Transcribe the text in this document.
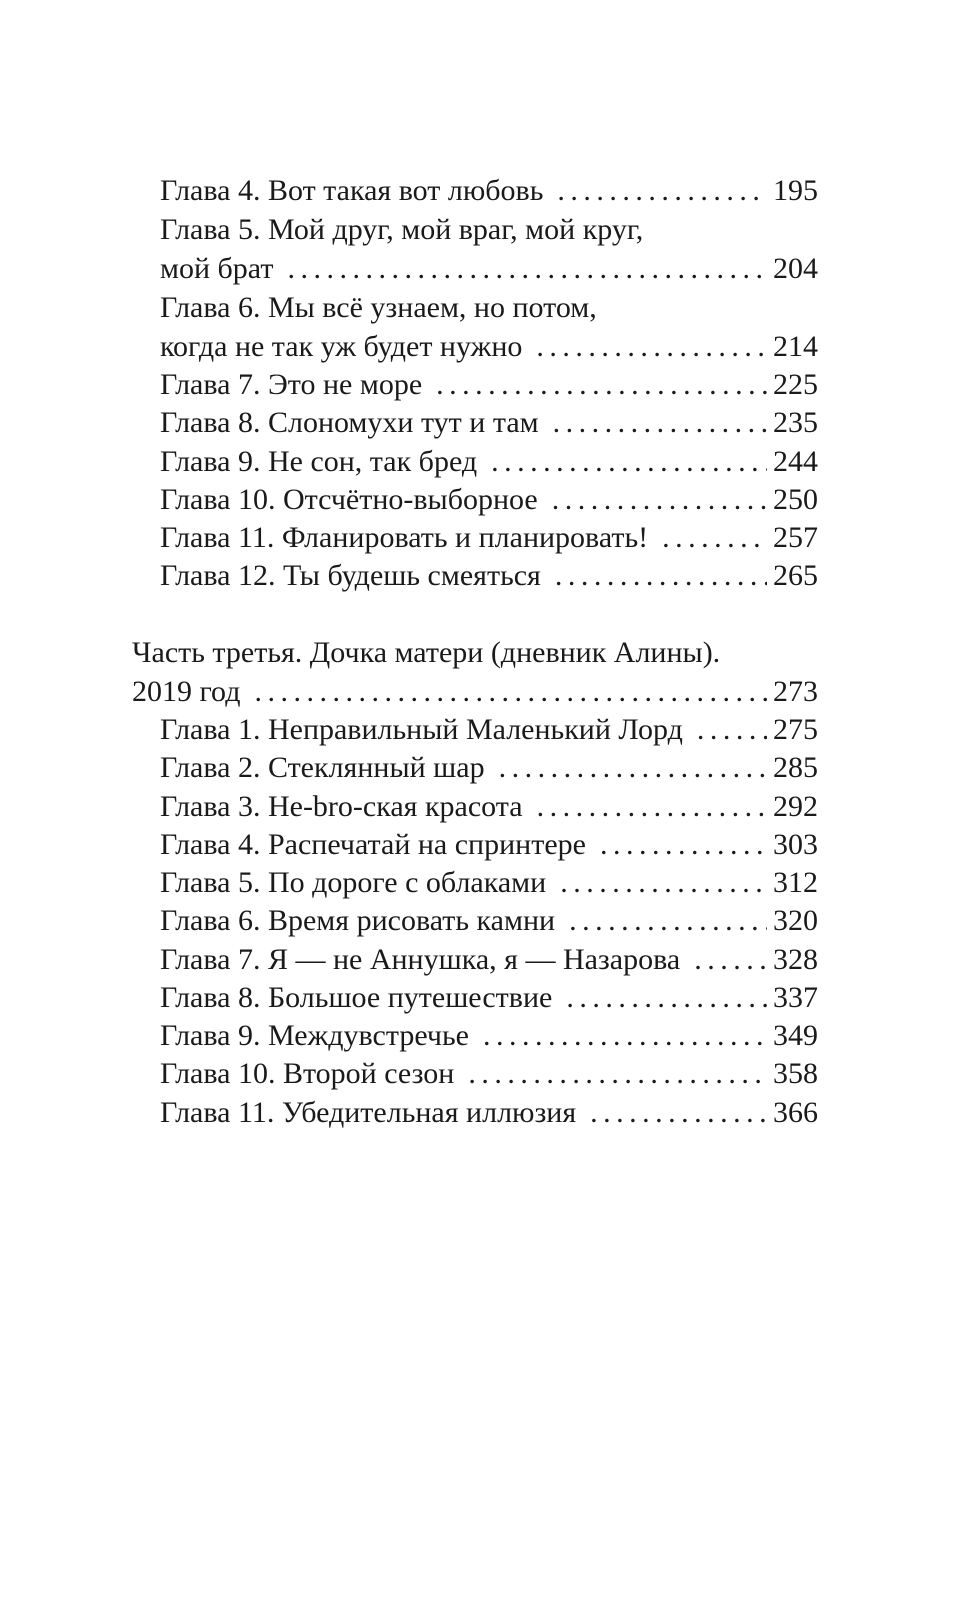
Глава 4. Вот такая вот любовь . . .	195
Глава 5. Мой друг, мой враг, мой круг,
мой брат . . .	204
Глава 6. Мы всё узнаем, но потом,
когда не так уж будет нужно . . .	214
Глава 7. Это не море . . .	225
Глава 8. Слономухи тут и там . . .	235
Глава 9. Не сон, так бред . . .	244
Глава 10. Отсчётно-выборное . . .	250
Глава 11. Фланировать и планировать! . . .	257
Глава 12. Ты будешь смеяться . . .	265
Часть третья. Дочка матери (дневник Алины).
2019 год . . .	273
Глава 1. Неправильный Маленький Лорд . . .	275
Глава 2. Стеклянный шар . . .	285
Глава 3. He-bro-ская красота . . .	292
Глава 4. Распечатай на спринтере . . .	303
Глава 5. По дороге с облаками . . .	312
Глава 6. Время рисовать камни . . .	320
Глава 7. Я — не Аннушка, я — Назарова . . .	328
Глава 8. Большое путешествие . . .	337
Глава 9. Междувстречье . . .	349
Глава 10. Второй сезон . . .	358
Глава 11. Убедительная иллюзия . . .	366
